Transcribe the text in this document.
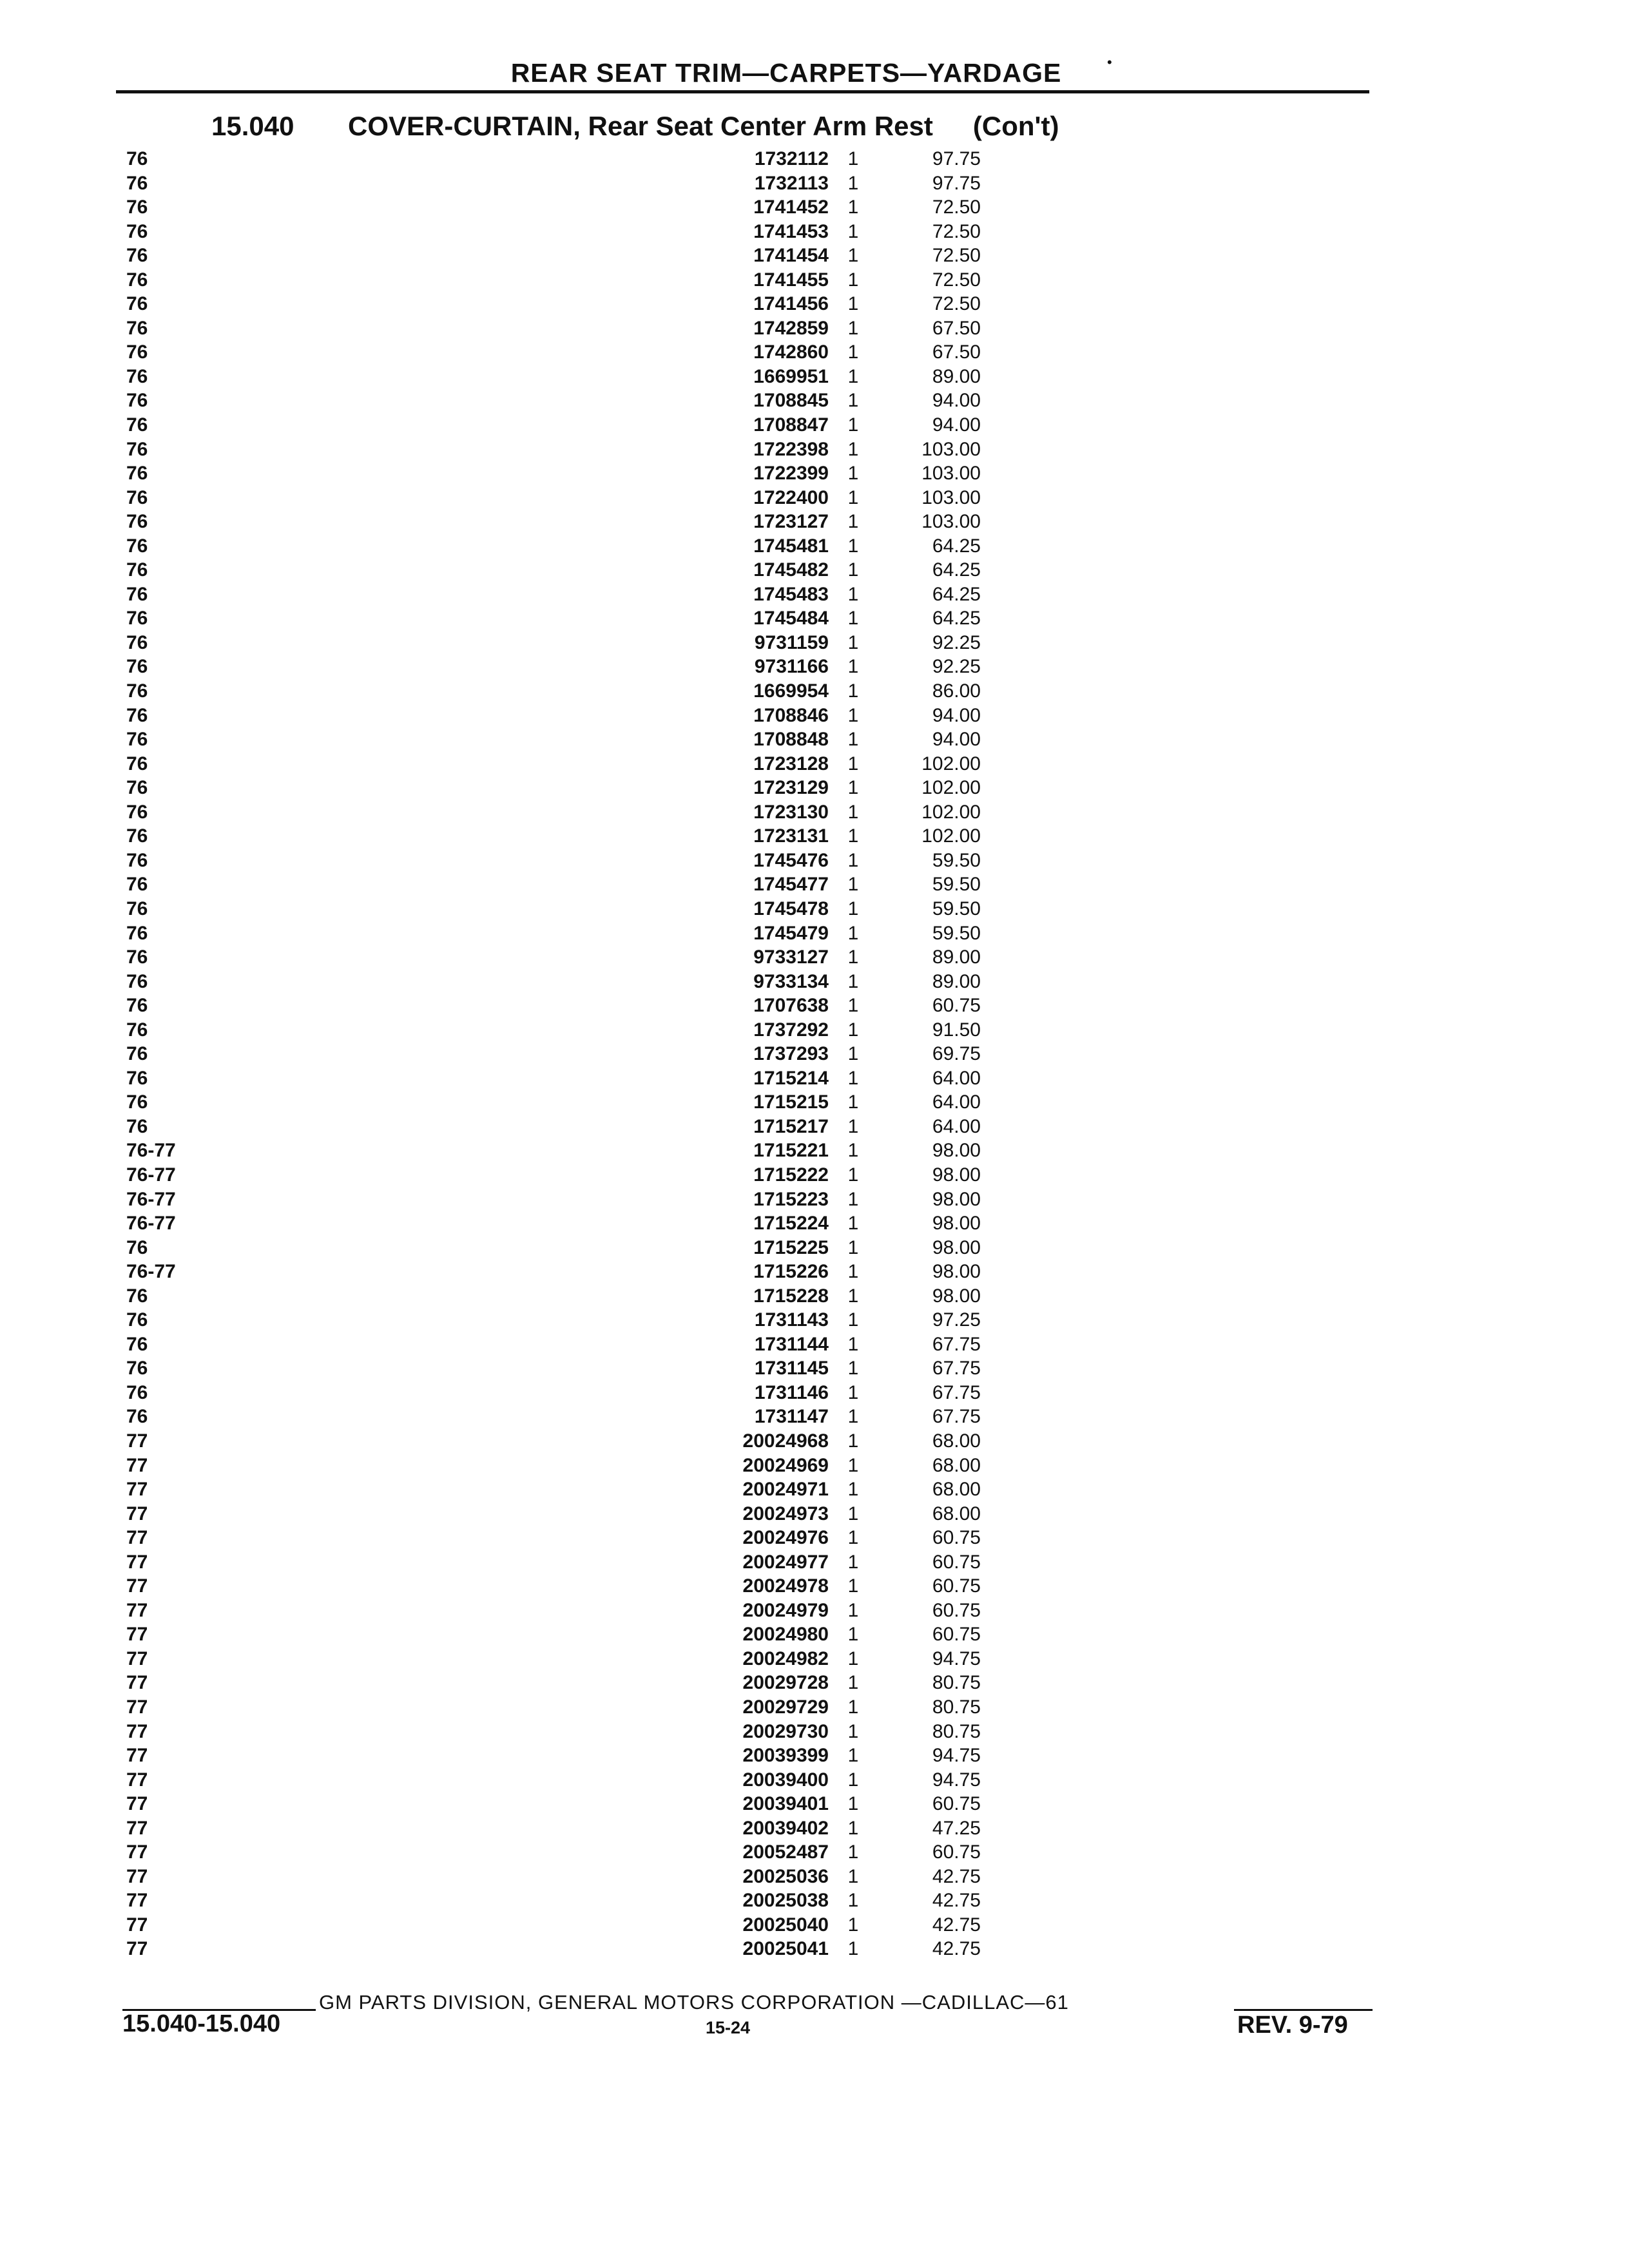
REAR SEAT TRIM—CARPETS—YARDAGE	•
15.040 COVER-CURTAIN, Rear Seat Center Arm Rest (Con't)
76	1732112 1	97.75
76	1732113 1	97.75
76	1741452 1	72.50
76	1741453 1	72.50
76	1741454 1	72.50
76	1741455 1	72.50
76	1741456 1	72.50
76	1742859 1	67.50
76	1742860 1	67.50
76	1669951 1	89.00
76	1708845 1	94.00
76	1708847 1	94.00
76	1722398 1	103.00
76	1722399 1	103.00
76	1722400 1	103.00
76	1723127 1	103.00
76	1745481 1	64.25
76	1745482 1	64.25
76	1745483 1	64.25
76	1745484 1	64.25
76	9731159 1	92.25
76	9731166 1	92.25
76	1669954 1	86.00
76	1708846 1	94.00
76	1708848 1	94.00
76	1723128 1	102.00
76	1723129 1	102.00
76	1723130 1	102.00
76	1723131 1	102.00
76	1745476 1	59.50
76	1745477 1	59.50
76	1745478 1	59.50
76	1745479 1	59.50
76	9733127 1	89.00
76	9733134 1	89.00
76	1707638 1	60.75
76	1737292 1	91.50
76	1737293 1	69.75
76	1715214 1	64.00
76	1715215 1	64.00
76	1715217 1	64.00
76-77	1715221 1	98.00
76-77	1715222 1	98.00
76-77	1715223 1	98.00
76-77	1715224 1	98.00
76	1715225 1	98.00
76-77	1715226 1	98.00
76	1715228 1	98.00
76	1731143 1	97.25
76	1731144 1	67.75
76	1731145 1	67.75
76	1731146 1	67.75
76	1731147 1	67.75
77	20024968 1	68.00
77	20024969 1	68.00
77	20024971 1	68.00
77	20024973 1	68.00
77	20024976 1	60.75
77	20024977 1	60.75
77	20024978 1	60.75
77	20024979 1	60.75
77	20024980 1	60.75
77	20024982 1	94.75
77	20029728 1	80.75
77	20029729 1	80.75
77	20029730 1	80.75
77	20039399 1	94.75
77	20039400 1	94.75
77	20039401 1	60.75
77	20039402 1	47.25
77	20052487 1	60.75
77	20025036 1	42.75
77	20025038 1	42.75
77	20025040 1	42.75
77	20025041 1	42.75
GM PARTS DIVISION, GENERAL MOTORS CORPORATION —CADILLAC—61
15.040-15.040	15-24	REV. 9-79
